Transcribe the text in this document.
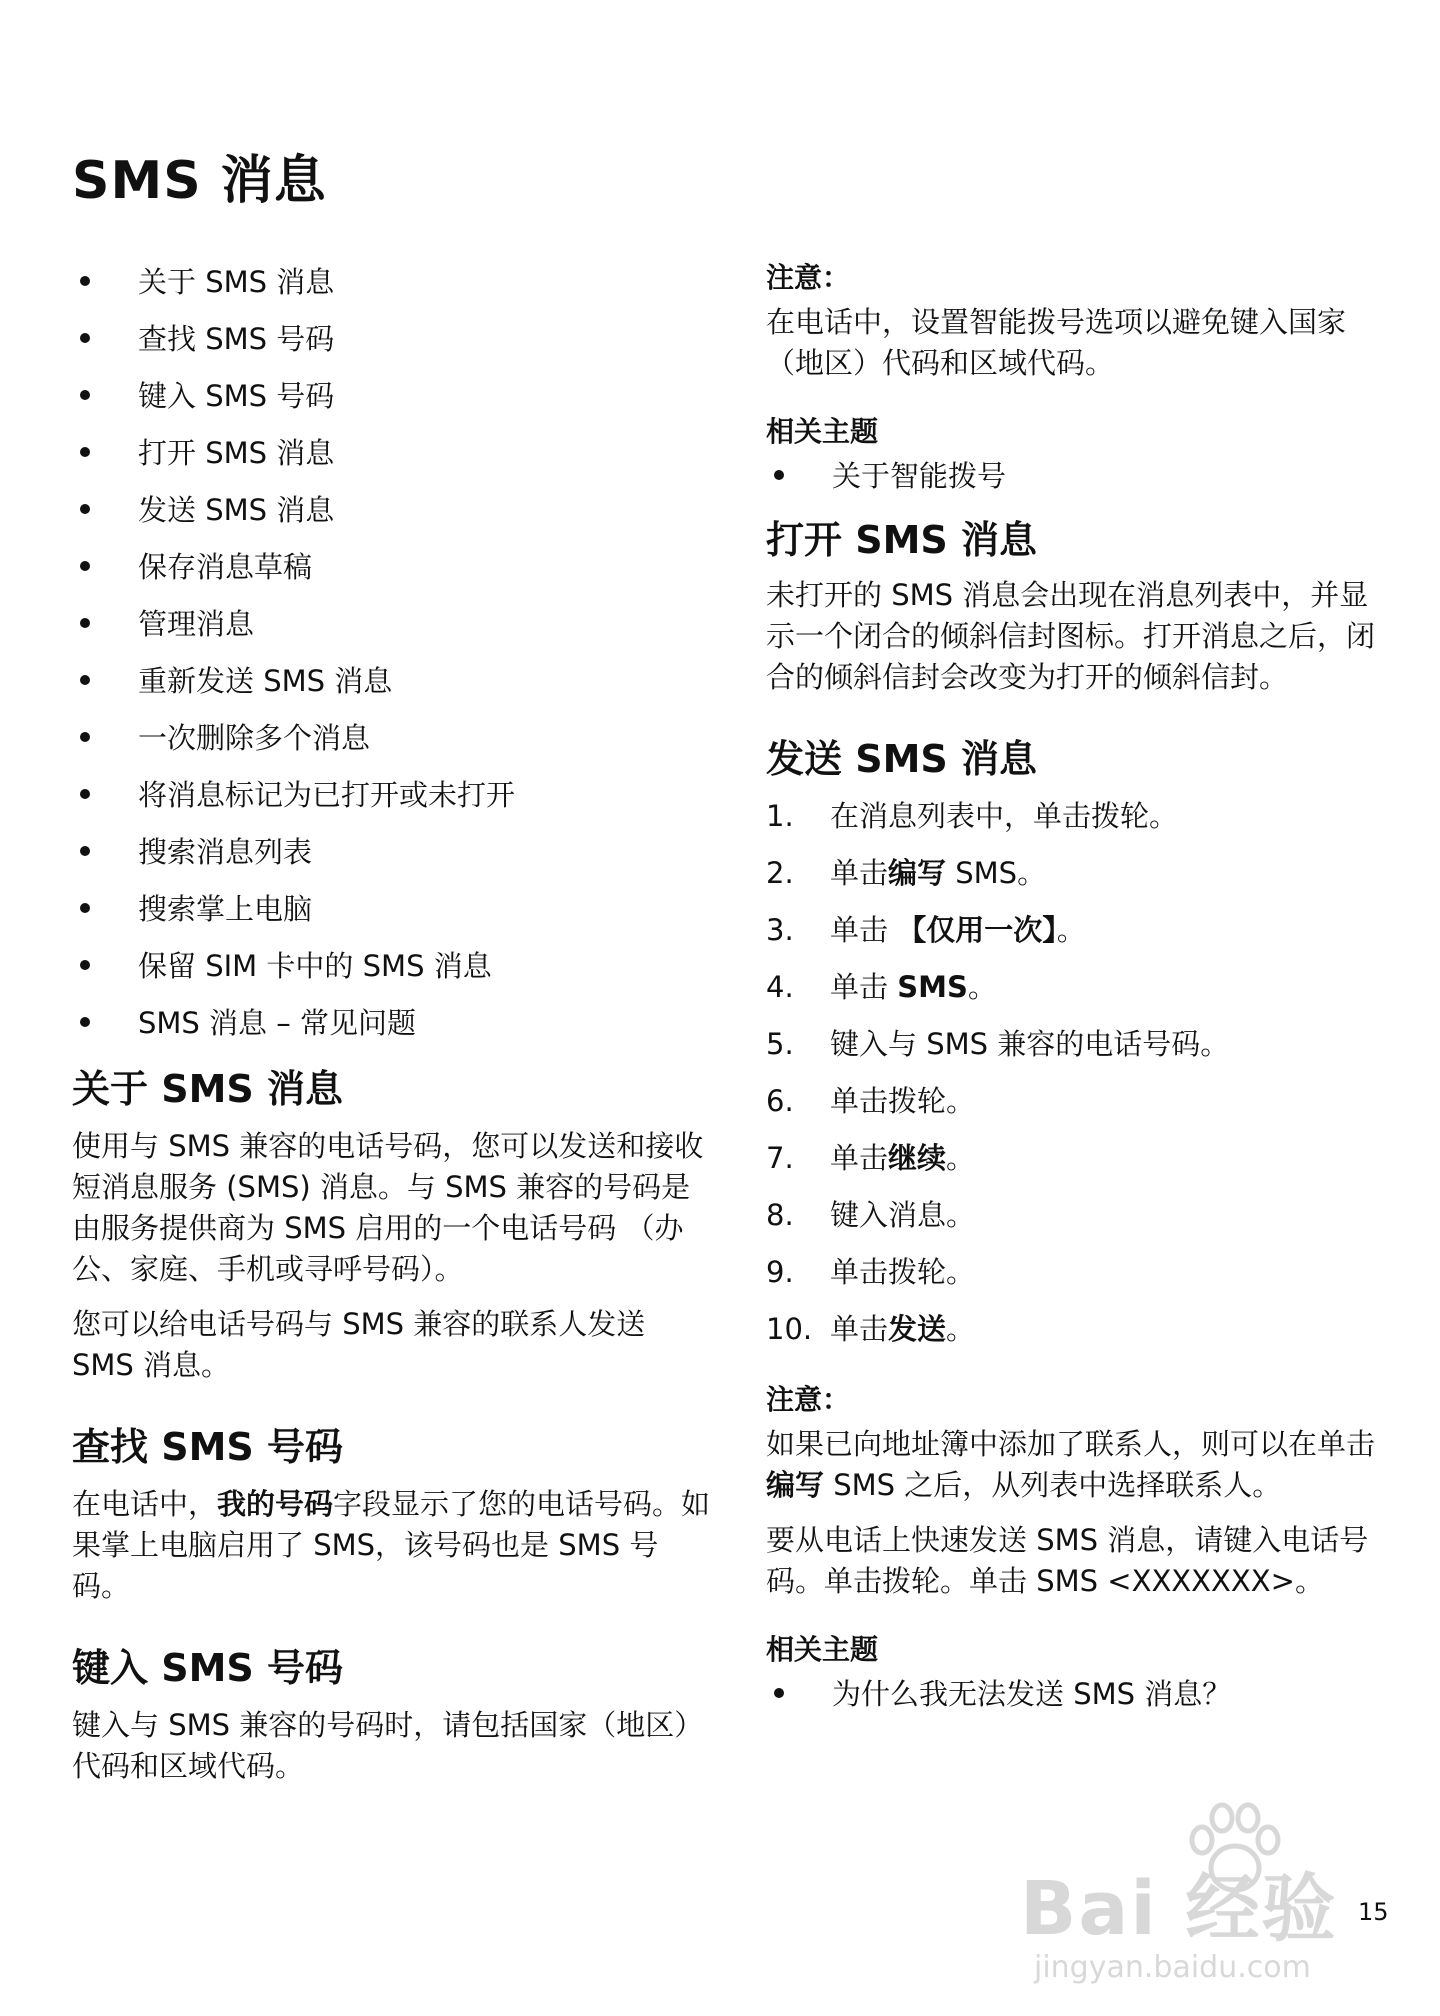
SMS 消息
关于 SMS 消息
查找 SMS 号码
键入 SMS 号码
打开 SMS 消息
发送 SMS 消息
保存消息草稿
管理消息
重新发送 SMS 消息
一次删除多个消息
将消息标记为已打开或未打开
搜索消息列表
搜索掌上电脑
保留 SIM 卡中的 SMS 消息
SMS 消息 – 常见问题
关于 SMS 消息

使用与 SMS 兼容的电话号码，您可以发送和接收短消息服务 (SMS) 消息。与 SMS 兼容的号码是由服务提供商为 SMS 启用的一个电话号码 （办公、家庭、手机或寻呼号码）。

您可以给电话号码与 SMS 兼容的联系人发送 SMS 消息。

查找 SMS 号码

在电话中，我的号码字段显示了您的电话号码。如果掌上电脑启用了 SMS，该号码也是 SMS 号码。

键入 SMS 号码

键入与 SMS 兼容的号码时，请包括国家（地区）代码和区域代码。

注意：

在电话中，设置智能拨号选项以避免键入国家 （地区）代码和区域代码。

相关主题
关于智能拨号
打开 SMS 消息

未打开的 SMS 消息会出现在消息列表中，并显示一个闭合的倾斜信封图标。打开消息之后，闭合的倾斜信封会改变为打开的倾斜信封。

发送 SMS 消息
1. 在消息列表中，单击拨轮。
2. 单击编写 SMS。
3. 单击 【仅用一次】。
4. 单击 SMS。
5. 键入与 SMS 兼容的电话号码。
6. 单击拨轮。
7. 单击继续。
8. 键入消息。
9. 单击拨轮。
10. 单击发送。
注意：

如果已向地址簿中添加了联系人，则可以在单击编写 SMS 之后，从列表中选择联系人。

要从电话上快速发送 SMS 消息，请键入电话号码。单击拨轮。单击 SMS <XXXXXXX>。

相关主题
为什么我无法发送 SMS 消息？
Bai 经验
jingyan.baidu.com
15
